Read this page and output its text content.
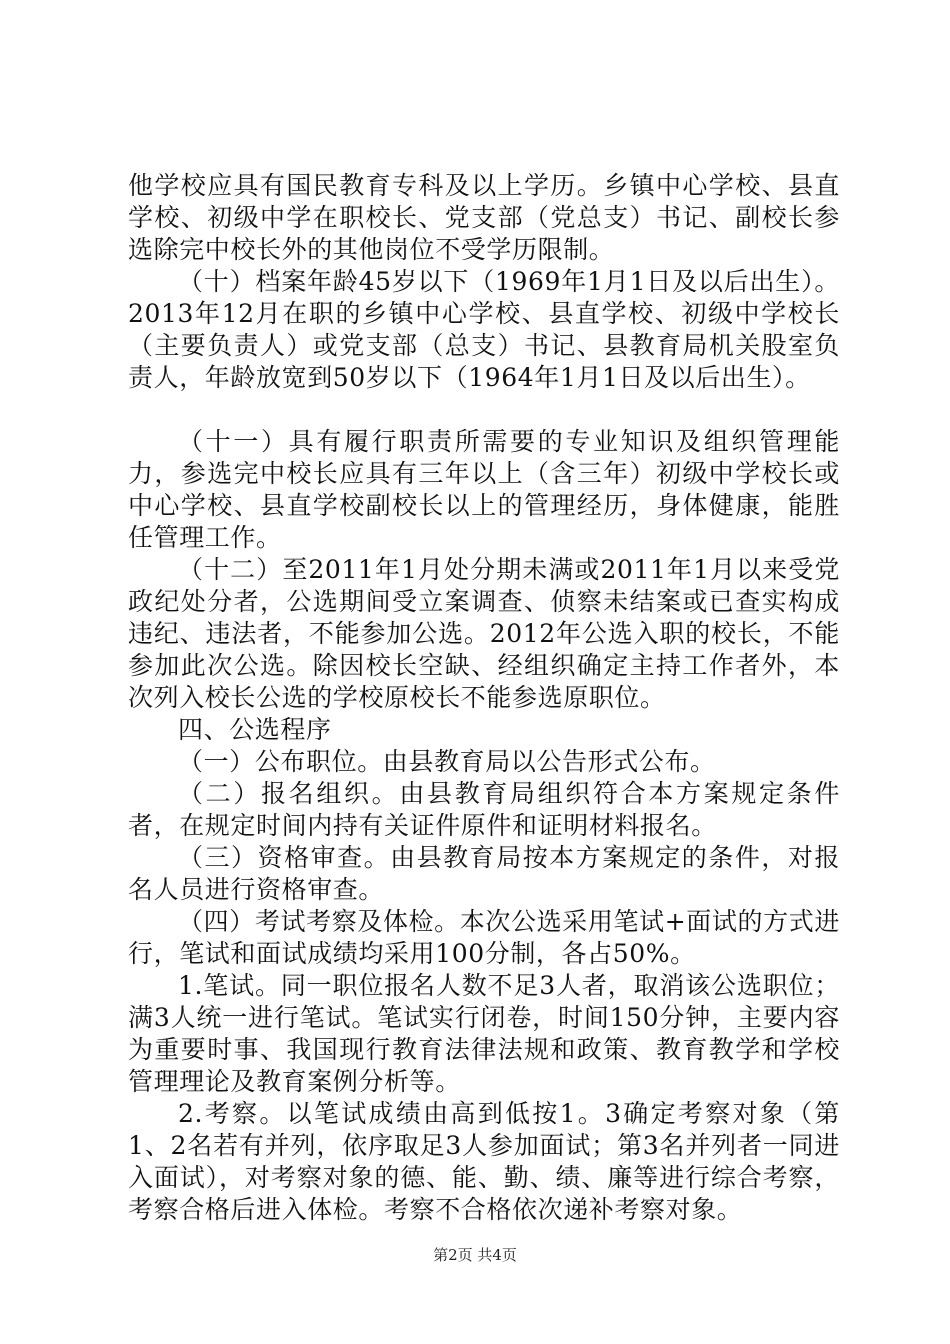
他学校应具有国民教育专科及以上学历。乡镇中心学校、县直学校、初级中学在职校长、党支部（党总支）书记、副校长参选除完中校长外的其他岗位不受学历限制。

（十）档案年龄45岁以下（1969年1月1日及以后出生）。2013年12月在职的乡镇中心学校、县直学校、初级中学校长（主要负责人）或党支部（总支）书记、县教育局机关股室负责人，年龄放宽到50岁以下（1964年1月1日及以后出生）。

（十一）具有履行职责所需要的专业知识及组织管理能力，参选完中校长应具有三年以上（含三年）初级中学校长或中心学校、县直学校副校长以上的管理经历，身体健康，能胜任管理工作。

（十二）至2011年1月处分期未满或2011年1月以来受党政纪处分者，公选期间受立案调查、侦察未结案或已查实构成违纪、违法者，不能参加公选。2012年公选入职的校长，不能参加此次公选。除因校长空缺、经组织确定主持工作者外，本次列入校长公选的学校原校长不能参选原职位。

四、公选程序

（一）公布职位。由县教育局以公告形式公布。

（二）报名组织。由县教育局组织符合本方案规定条件者，在规定时间内持有关证件原件和证明材料报名。

（三）资格审查。由县教育局按本方案规定的条件，对报名人员进行资格审查。

（四）考试考察及体检。本次公选采用笔试+面试的方式进行，笔试和面试成绩均采用100分制，各占50%。

1.笔试。同一职位报名人数不足3人者，取消该公选职位；满3人统一进行笔试。笔试实行闭卷，时间150分钟，主要内容为重要时事、我国现行教育法律法规和政策、教育教学和学校管理理论及教育案例分析等。

2.考察。以笔试成绩由高到低按1。3确定考察对象（第1、2名若有并列，依序取足3人参加面试；第3名并列者一同进入面试），对考察对象的德、能、勤、绩、廉等进行综合考察，考察合格后进入体检。考察不合格依次递补考察对象。

第2页 共4页
